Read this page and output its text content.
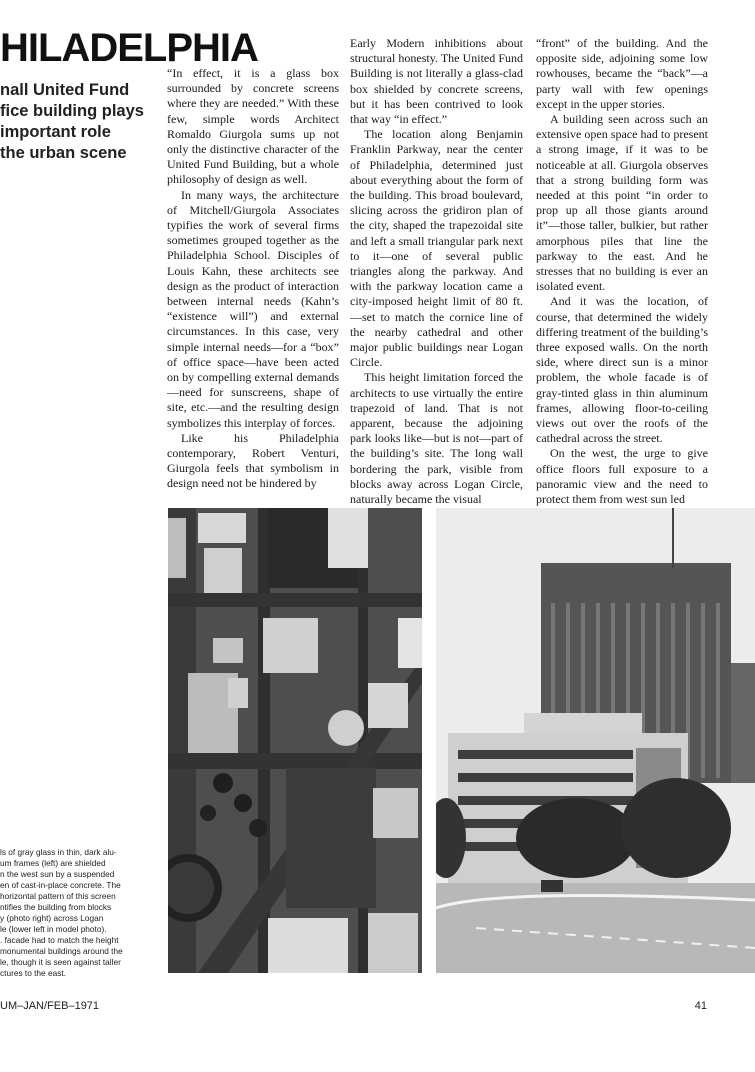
HILADELPHIA
nall United Fund
fice building plays
important role
the urban scene

“In effect, it is a glass box surrounded by concrete screens where they are needed.” With these few, simple words Architect Romaldo Giurgola sums up not only the distinctive character of the United Fund Building, but a whole philosophy of design as well.

In many ways, the architecture of Mitchell/Giurgola Associates typifies the work of several firms sometimes grouped together as the Philadelphia School. Disciples of Louis Kahn, these architects see design as the product of interaction between internal needs (Kahn’s “existence will”) and external circumstances. In this case, very simple internal needs—for a “box” of office space—have been acted on by compelling external demands—need for sunscreens, shape of site, etc.—and the resulting design symbolizes this interplay of forces.

Like his Philadelphia contemporary, Robert Venturi, Giurgola feels that symbolism in design need not be hindered by

Early Modern inhibitions about structural honesty. The United Fund Building is not literally a glass-clad box shielded by concrete screens, but it has been contrived to look that way “in effect.”

The location along Benjamin Franklin Parkway, near the center of Philadelphia, determined just about everything about the form of the building. This broad boulevard, slicing across the gridiron plan of the city, shaped the trapezoidal site and left a small triangular park next to it—one of several public triangles along the parkway. And with the parkway location came a city-imposed height limit of 80 ft.—set to match the cornice line of the nearby cathedral and other major public buildings near Logan Circle.

This height limitation forced the architects to use virtually the entire trapezoid of land. That is not apparent, because the adjoining park looks like—but is not—part of the building’s site. The long wall bordering the park, visible from blocks away across Logan Circle, naturally became the visual

“front” of the building. And the opposite side, adjoining some low rowhouses, became the “back”—a party wall with few openings except in the upper stories.

A building seen across such an extensive open space had to present a strong image, if it was to be noticeable at all. Giurgola observes that a strong building form was needed at this point “in order to prop up all those giants around it”—those taller, bulkier, but rather amorphous piles that line the parkway to the east. And he stresses that no building is ever an isolated event.

And it was the location, of course, that determined the widely differing treatment of the building’s three exposed walls. On the north side, where direct sun is a minor problem, the whole facade is of gray-tinted glass in thin aluminum frames, allowing floor-to-ceiling views out over the roofs of the cathedral across the street.

On the west, the urge to give office floors full exposure to a panoramic view and the need to protect them from west sun led

ls of gray glass in thin, dark alu-
um frames (left) are shielded
n the west sun by a suspended
en of cast-in-place concrete. The
horizontal pattern of this screen
ntifies the building from blocks
y (photo right) across Logan
le (lower left in model photo).
. facade had to match the height
monumental buildings around the
le, though it is seen against taller
ctures to the east.
UM–JAN/FEB–1971	41
